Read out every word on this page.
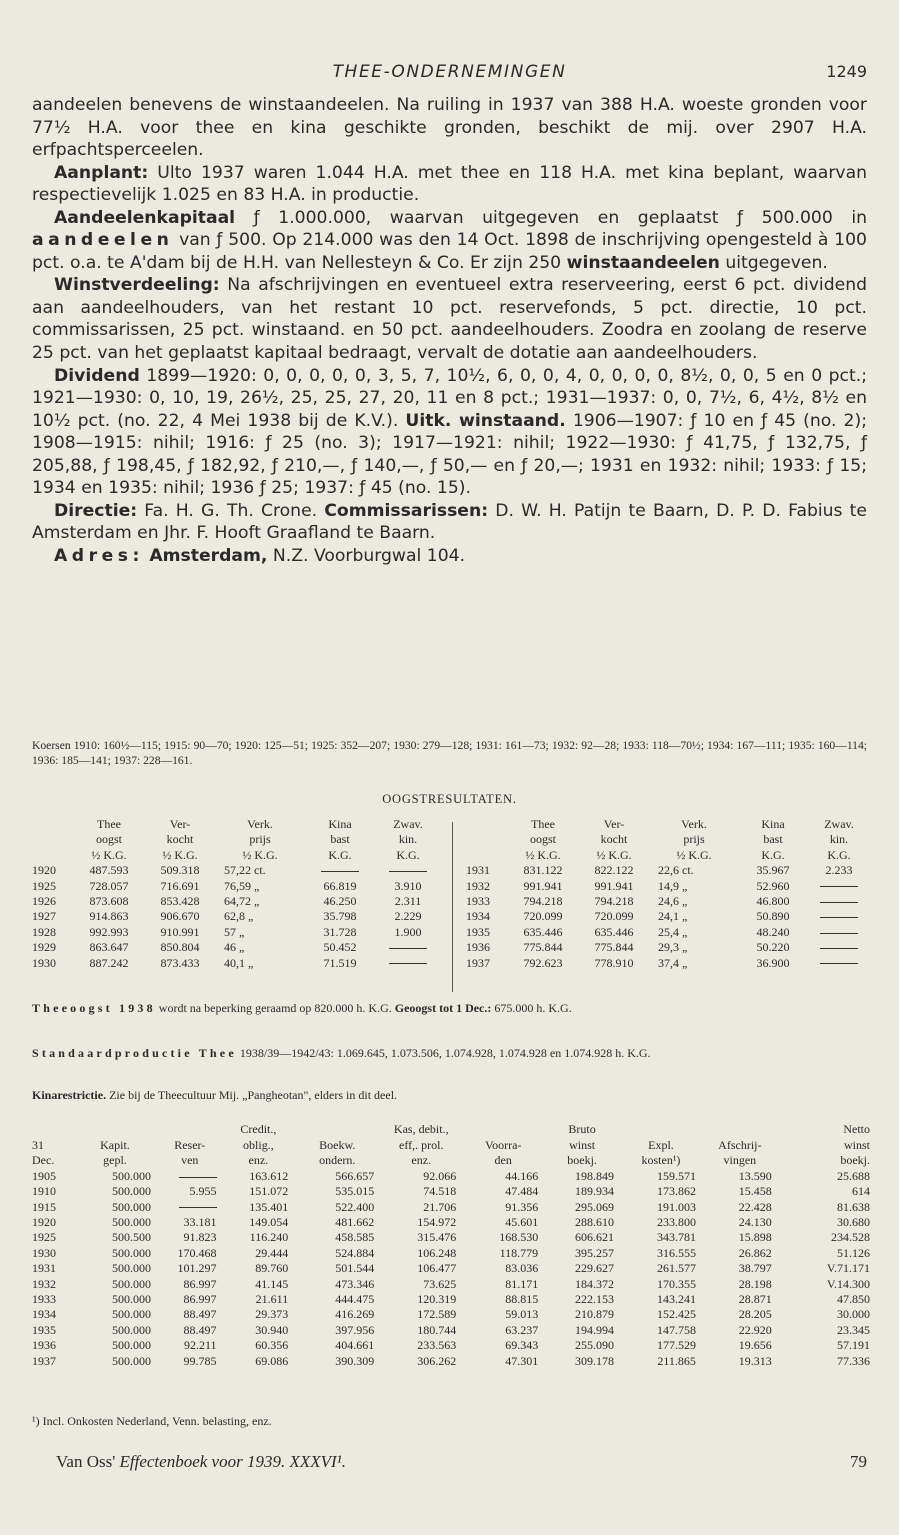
THEE-ONDERNEMINGEN	1249

aandeelen benevens de winstaandeelen. Na ruiling in 1937 van 388 H.A. woeste gronden voor 77½ H.A. voor thee en kina geschikte gronden, beschikt de mij. over 2907 H.A. erfpachtsperceelen.

Aanplant: Ulto 1937 waren 1.044 H.A. met thee en 118 H.A. met kina beplant, waarvan respectievelijk 1.025 en 83 H.A. in productie.

Aandeelenkapitaal ƒ 1.000.000, waarvan uitgegeven en geplaatst ƒ 500.000 in aandeelen van ƒ 500. Op 214.000 was den 14 Oct. 1898 de inschrijving opengesteld à 100 pct. o.a. te A'dam bij de H.H. van Nellesteyn & Co. Er zijn 250 winstaandeelen uitgegeven.

Winstverdeeling: Na afschrijvingen en eventueel extra reserveering, eerst 6 pct. dividend aan aandeelhouders, van het restant 10 pct. reservefonds, 5 pct. directie, 10 pct. commissarissen, 25 pct. winstaand. en 50 pct. aandeelhouders. Zoodra en zoolang de reserve 25 pct. van het geplaatst kapitaal bedraagt, vervalt de dotatie aan aandeelhouders.

Dividend 1899—1920: 0, 0, 0, 0, 0, 3, 5, 7, 10½, 6, 0, 0, 4, 0, 0, 0, 0, 8½, 0, 0, 5 en 0 pct.; 1921—1930: 0, 10, 19, 26½, 25, 25, 27, 20, 11 en 8 pct.; 1931—1937: 0, 0, 7½, 6, 4½, 8½ en 10½ pct. (no. 22, 4 Mei 1938 bij de K.V.). Uitk. winstaand. 1906—1907: ƒ 10 en ƒ 45 (no. 2); 1908—1915: nihil; 1916: ƒ 25 (no. 3); 1917—1921: nihil; 1922—1930: ƒ 41,75, ƒ 132,75, ƒ 205,88, ƒ 198,45, ƒ 182,92, ƒ 210,—, ƒ 140,—, ƒ 50,— en ƒ 20,—; 1931 en 1932: nihil; 1933: ƒ 15; 1934 en 1935: nihil; 1936 ƒ 25; 1937: ƒ 45 (no. 15).

Directie: Fa. H. G. Th. Crone. Commissarissen: D. W. H. Patijn te Baarn, D. P. D. Fabius te Amsterdam en Jhr. F. Hooft Graafland te Baarn.

Adres: Amsterdam, N.Z. Voorburgwal 104.

Koersen 1910: 160½—115; 1915: 90—70; 1920: 125—51; 1925: 352—207; 1930: 279—128; 1931: 161—73; 1932: 92—28; 1933: 118—70½; 1934: 167—111; 1935: 160—114; 1936: 185—141; 1937: 228—161.

OOGSTRESULTATEN.
	Thee	Ver-	Verk.	Kina	Zwav.
	oogst	kocht	prijs	bast	kin.
	½ K.G.	½ K.G.	½ K.G.	K.G.	K.G.
1920	487.593	509.318	57,22 ct.		
1925	728.057	716.691	76,59 „	66.819	3.910
1926	873.608	853.428	64,72 „	46.250	2.311
1927	914.863	906.670	62,8 „	35.798	2.229
1928	992.993	910.991	57 „	31.728	1.900
1929	863.647	850.804	46 „	50.452	
1930	887.242	873.433	40,1 „	71.519	
	Thee	Ver-	Verk.	Kina	Zwav.
	oogst	kocht	prijs	bast	kin.
	½ K.G.	½ K.G.	½ K.G.	K.G.	K.G.
1931	831.122	822.122	22,6 ct.	35.967	2.233
1932	991.941	991.941	14,9 „	52.960	
1933	794.218	794.218	24,6 „	46.800	
1934	720.099	720.099	24,1 „	50.890	
1935	635.446	635.446	25,4 „	48.240	
1936	775.844	775.844	29,3 „	50.220	
1937	792.623	778.910	37,4 „	36.900	

Theeoogst 1938 wordt na beperking geraamd op 820.000 h. K.G. Geoogst tot 1 Dec.: 675.000 h. K.G.

Standaardproductie Thee 1938/39—1942/43: 1.069.645, 1.073.506, 1.074.928, 1.074.928 en 1.074.928 h. K.G.

Kinarestrictie. Zie bij de Theecultuur Mij. „Pangheotan", elders in dit deel.

			Credit.,		Kas, debit.,		Bruto			Netto
31	Kapit.	Reser-	oblig.,	Boekw.	eff,. prol.	Voorra-	winst	Expl.	Afschrij-	winst
Dec.	gepl.	ven	enz.	ondern.	enz.	den	boekj.	kosten¹)	vingen	boekj.
1905	500.000		163.612	566.657	92.066	44.166	198.849	159.571	13.590	25.688
1910	500.000	5.955	151.072	535.015	74.518	47.484	189.934	173.862	15.458	614
1915	500.000		135.401	522.400	21.706	91.356	295.069	191.003	22.428	81.638
1920	500.000	33.181	149.054	481.662	154.972	45.601	288.610	233.800	24.130	30.680
1925	500.500	91.823	116.240	458.585	315.476	168.530	606.621	343.781	15.898	234.528
1930	500.000	170.468	29.444	524.884	106.248	118.779	395.257	316.555	26.862	51.126
1931	500.000	101.297	89.760	501.544	106.477	83.036	229.627	261.577	38.797	V.71.171
1932	500.000	86.997	41.145	473.346	73.625	81.171	184.372	170.355	28.198	V.14.300
1933	500.000	86.997	21.611	444.475	120.319	88.815	222.153	143.241	28.871	47.850
1934	500.000	88.497	29.373	416.269	172.589	59.013	210.879	152.425	28.205	30.000
1935	500.000	88.497	30.940	397.956	180.744	63.237	194.994	147.758	22.920	23.345
1936	500.000	92.211	60.356	404.661	233.563	69.343	255.090	177.529	19.656	57.191
1937	500.000	99.785	69.086	390.309	306.262	47.301	309.178	211.865	19.313	77.336
¹) Incl. Onkosten Nederland, Venn. belasting, enz.
Van Oss' Effectenboek voor 1939. XXXVI¹.	79
